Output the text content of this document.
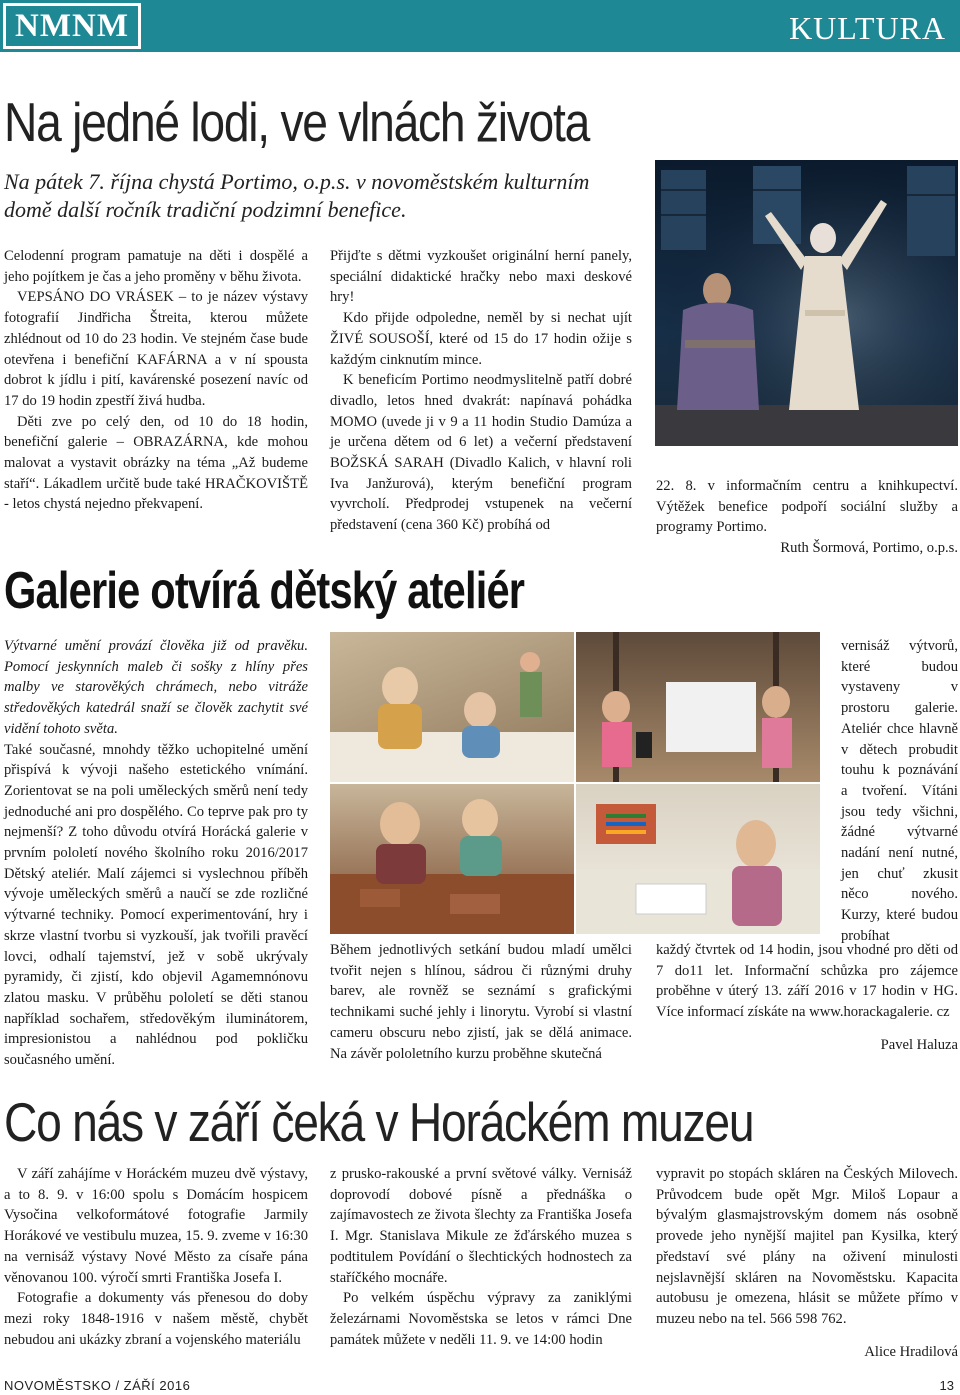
NMNM	KULTURA
Na jedné lodi, ve vlnách života
Na pátek 7. října chystá Portimo, o.p.s. v novoměstském kulturním
domě další ročník tradiční podzimní benefice.

Celodenní program pamatuje na děti i dospělé a jeho pojítkem je čas a jeho proměny v běhu života.

VEPSÁNO DO VRÁSEK – to je název výstavy fotografií Jindřicha Štreita, kterou můžete zhlédnout od 10 do 23 hodin. Ve stejném čase bude otevřena i benefiční KAFÁRNA a v ní spousta dobrot k jídlu i pití, kavárenské posezení navíc od 17 do 19 hodin zpestří živá hudba.

Děti zve po celý den, od 10 do 18 hodin, benefiční galerie – OBRAZÁRNA, kde mohou malovat a vystavit obrázky na téma „Až budeme staří“. Lákadlem určitě bude také HRAČKOVIŠTĚ - letos chystá nejedno překvapení.

Přijďte s dětmi vyzkoušet originální herní panely, speciální didaktické hračky nebo maxi deskové hry!

Kdo přijde odpoledne, neměl by si nechat ujít ŽIVÉ SOUSOŠÍ, které od 15 do 17 hodin ožije s každým cinknutím mince.

K beneficím Portimo neodmyslitelně patří dobré divadlo, letos hned dvakrát: napínavá pohádka MOMO (uvede ji v 9 a 11 hodin Studio Damúza a je určena dětem od 6 let) a večerní představení BOŽSKÁ SARAH (Divadlo Kalich, v hlavní roli Iva Janžurová), kterým benefiční program vyvrcholí. Předprodej vstupenek na večerní představení (cena 360 Kč) probíhá od

22. 8. v informačním centru a knihkupectví. Výtěžek benefice podpoří sociální služby a programy Portimo.

Ruth Šormová, Portimo, o.p.s.

Galerie otvírá dětský ateliér

Výtvarné umění provází člověka již od pravěku. Pomocí jeskynních maleb či sošky z hlíny přes malby ve starověkých chrámech, nebo vitráže středověkých katedrál snaží se člověk zachytit své vidění tohoto světa.

Také současné, mnohdy těžko uchopitelné umění přispívá k vývoji našeho estetického vnímání. Zorientovat se na poli uměleckých směrů není tedy jednoduché ani pro dospělého. Co teprve pak pro ty nejmenší? Z toho důvodu otvírá Horácká galerie v prvním pololetí nového školního roku 2016/2017 Dětský ateliér. Malí zájemci si vyslechnou příběh vývoje uměleckých směrů a naučí se zde rozličné výtvarné techniky. Pomocí experimentování, hry i skrze vlastní tvorbu si vyzkouší, jak tvořili pravěcí lovci, odhalí tajemství, jež v sobě ukrývaly pyramidy, či zjistí, kdo objevil Agamemnónovu zlatou masku. V průběhu pololetí se děti stanou například sochařem, středověkým iluminátorem, impresionistou a nahlédnou pod pokličku současného umění.

Během jednotlivých setkání budou mladí umělci tvořit nejen s hlínou, sádrou či různými druhy barev, ale rovněž se seznámí s grafickými technikami suché jehly i linorytu. Vyrobí si vlastní cameru obscuru nebo zjistí, jak se dělá animace. Na závěr pololetního kurzu proběhne skutečná

vernisáž výtvorů, které budou vystaveny v prostoru galerie. Ateliér chce hlavně v dětech probudit touhu k poznávání a tvoření. Vítáni jsou tedy všichni, žádné výtvarné nadání není nutné, jen chuť zkusit něco nového. Kurzy, které budou probíhat

každý čtvrtek od 14 hodin, jsou vhodné pro děti od 7 do11 let. Informační schůzka pro zájemce proběhne v úterý 13. září 2016 v 17 hodin v HG. Více informací získáte na www.horackagalerie. cz

Pavel Haluza

Co nás v září čeká v Horáckém muzeu

V září zahájíme v Horáckém muzeu dvě výstavy, a to 8. 9. v 16:00 spolu s Domácím hospicem Vysočina velkoformátové fotografie Jarmily Horákové ve vestibulu muzea, 15. 9. zveme v 16:30 na vernisáž výstavy Nové Město za císaře pána věnovanou 100. výročí smrti Františka Josefa I.

Fotografie a dokumenty vás přenesou do doby mezi roky 1848-1916 v našem městě, chybět nebudou ani ukázky zbraní a vojenského materiálu

z prusko-rakouské a první světové války. Vernisáž doprovodí dobové písně a přednáška o zajímavostech ze života šlechty za Františka Josefa I. Mgr. Stanislava Mikule ze žďárského muzea s podtitulem Povídání o šlechtických hodnostech za staříčkého mocnáře.

Po velkém úspěchu výpravy za zaniklými železárnami Novoměstska se letos v rámci Dne památek můžete v neděli 11. 9. ve 14:00 hodin

vypravit po stopách skláren na Českých Milovech. Průvodcem bude opět Mgr. Miloš Lopaur a bývalým glasmajstrovským domem nás osobně provede jeho nynější majitel pan Kysilka, který představí své plány na oživení minulosti nejslavnější skláren na Novoměstsku. Kapacita autobusu je omezena, hlásit se můžete přímo v muzeu nebo na tel. 566 598 762.

Alice Hradilová

NOVOMĚSTSKO / ZÁŘÍ 2016	13
